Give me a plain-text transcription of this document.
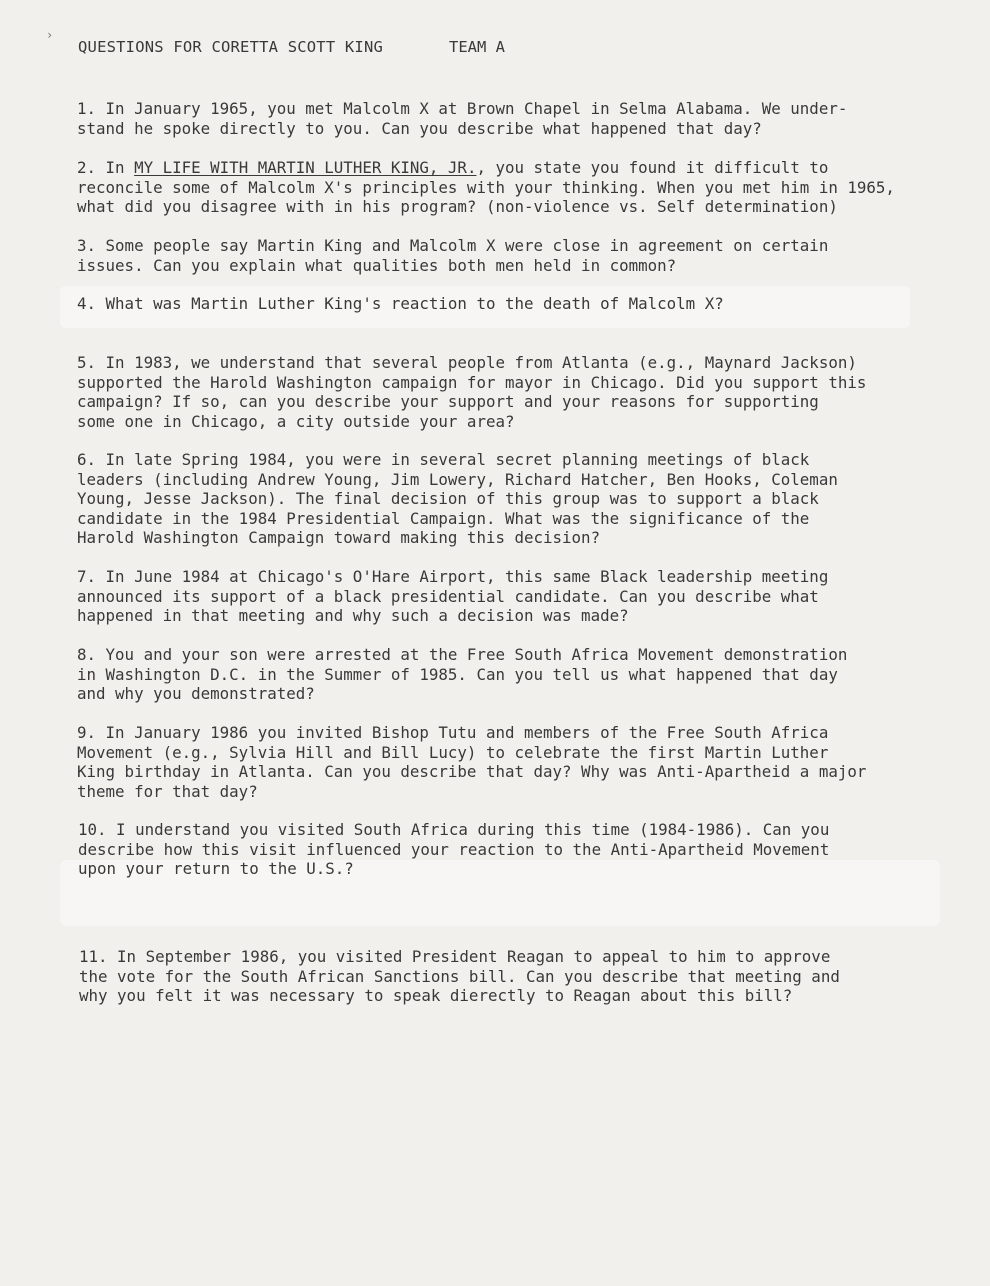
›
QUESTIONS FOR CORETTA SCOTT KING	TEAM A

1. In January 1965, you met Malcolm X at Brown Chapel in Selma Alabama. We under-

stand he spoke directly to you. Can you describe what happened that day?

2. In MY LIFE WITH MARTIN LUTHER KING, JR., you state you found it difficult to

reconcile some of Malcolm X's principles with your thinking. When you met him in 1965,

what did you disagree with in his program? (non-violence vs. Self determination)

3. Some people say Martin King and Malcolm X were close in agreement on certain

issues. Can you explain what qualities both men held in common?

4. What was Martin Luther King's reaction to the death of Malcolm X?

5. In 1983, we understand that several people from Atlanta (e.g., Maynard Jackson)

supported the Harold Washington campaign for mayor in Chicago. Did you support this

campaign? If so, can you describe your support and your reasons for supporting

some one in Chicago, a city outside your area?

6. In late Spring 1984, you were in several secret planning meetings of black

leaders (including Andrew Young, Jim Lowery, Richard Hatcher, Ben Hooks, Coleman

Young, Jesse Jackson). The final decision of this group was to support a black

candidate in the 1984 Presidential Campaign. What was the significance of the

Harold Washington Campaign toward making this decision?

7. In June 1984 at Chicago's O'Hare Airport, this same Black leadership meeting

announced its support of a black presidential candidate. Can you describe what

happened in that meeting and why such a decision was made?

8. You and your son were arrested at the Free South Africa Movement demonstration

in Washington D.C. in the Summer of 1985. Can you tell us what happened that day

and why you demonstrated?

9. In January 1986 you invited Bishop Tutu and members of the Free South Africa

Movement (e.g., Sylvia Hill and Bill Lucy) to celebrate the first Martin Luther

King birthday in Atlanta. Can you describe that day? Why was Anti-Apartheid a major

theme for that day?

10. I understand you visited South Africa during this time (1984-1986). Can you

describe how this visit influenced your reaction to the Anti-Apartheid Movement

upon your return to the U.S.?

11. In September 1986, you visited President Reagan to appeal to him to approve

the vote for the South African Sanctions bill. Can you describe that meeting and

why you felt it was necessary to speak dierectly to Reagan about this bill?
